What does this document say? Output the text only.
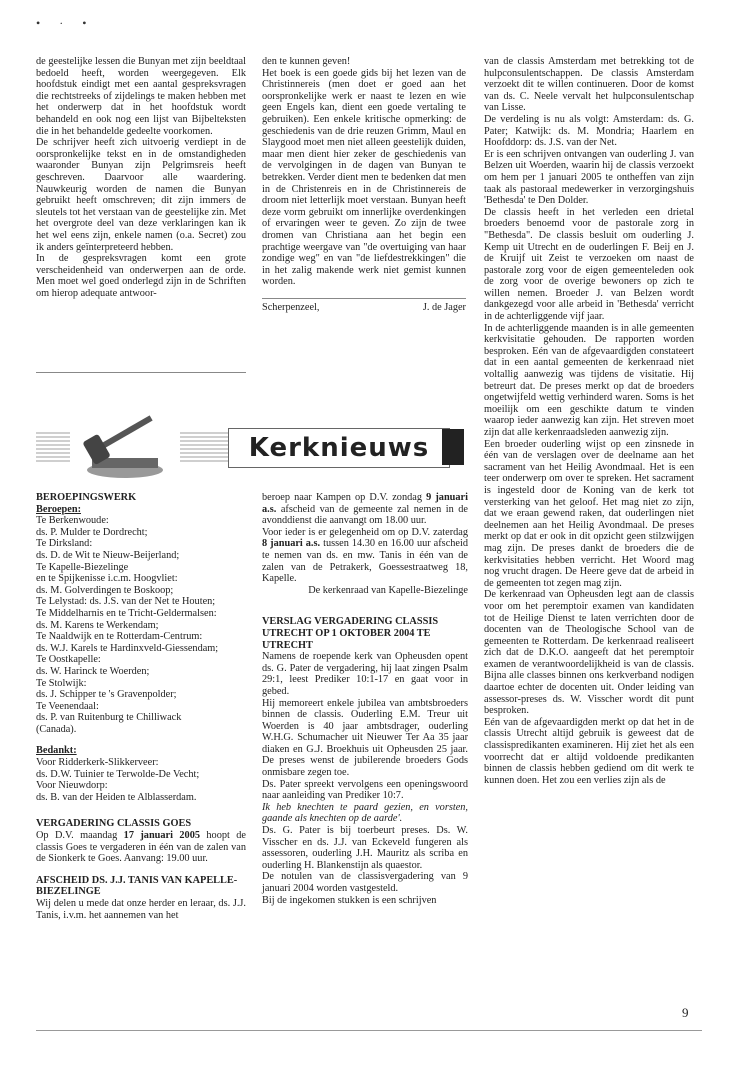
• · •

de geestelijke lessen die Bunyan met zijn beeldtaal bedoeld heeft, worden weergegeven. Elk hoofdstuk eindigt met een aantal gespreksvragen die rechtstreeks of zijdelings te maken hebben met het onderwerp dat in het hoofdstuk wordt behandeld en ook nog een lijst van Bijbelteksten die in het behandelde gedeelte voorkomen.

De schrijver heeft zich uitvoerig verdiept in de oorspronkelijke tekst en in de omstandigheden waaronder Bunyan zijn Pelgrimsreis heeft geschreven. Daarvoor alle waardering. Nauwkeurig worden de namen die Bunyan gebruikt heeft omschreven; dit zijn immers de sleutels tot het verstaan van de geestelijke zin. Met het overgrote deel van deze verklaringen kan ik het wel eens zijn, enkele namen (o.a. Secret) zou ik anders geïnterpreteerd hebben.

In de gespreksvragen komt een grote verscheidenheid van onderwerpen aan de orde. Men moet wel goed onderlegd zijn in de Schriften om hierop adequate antwoor-

den te kunnen geven!

Het boek is een goede gids bij het lezen van de Christinnereis (men doet er goed aan het oorspronkelijke werk er naast te lezen en wie geen Engels kan, dient een goede vertaling te gebruiken). Een enkele kritische opmerking: de geschiedenis van de drie reuzen Grimm, Maul en Slaygood moet men niet alleen geestelijk duiden, maar men dient hier zeker de geschiedenis van de vervolgingen in de dagen van Bunyan te betrekken. Verder dient men te bedenken dat men in de Christenreis en in de Christinnereis de droom niet letterlijk moet verstaan. Bunyan heeft deze vorm gebruikt om innerlijke overdenkingen of ervaringen weer te geven. Zo zijn de twee dromen van Christiana aan het begin een prachtige weergave van "de overtuiging van haar zondige weg" en van "de liefdestrekkingen" die in het zalig makende werk niet gemist kunnen worden.

Scherpenzeel,	J. de Jager
Kerknieuws

BEROEPINGSWERK

Beroepen:

Te Berkenwoude:

ds. P. Mulder te Dordrecht;

Te Dirksland:

ds. D. de Wit te Nieuw-Beijerland;

Te Kapelle-Biezelinge

en te Spijkenisse i.c.m. Hoogvliet:

ds. M. Golverdingen te Boskoop;

Te Lelystad: ds. J.S. van der Net te Houten;

Te Middelharnis en te Tricht-Geldermalsen:

ds. M. Karens te Werkendam;

Te Naaldwijk en te Rotterdam-Centrum:

ds. W.J. Karels te Hardinxveld-Giessendam;

Te Oostkapelle:

ds. W. Harinck te Woerden;

Te Stolwijk:

ds. J. Schipper te 's Gravenpolder;

Te Veenendaal:

ds. P. van Ruitenburg te Chilliwack

(Canada).

Bedankt:

Voor Ridderkerk-Slikkerveer:

ds. D.W. Tuinier te Terwolde-De Vecht;

Voor Nieuwdorp:

ds. B. van der Heiden te Alblasserdam.

VERGADERING CLASSIS GOES

Op D.V. maandag 17 januari 2005 hoopt de classis Goes te vergaderen in één van de zalen van de Sionkerk te Goes. Aanvang: 19.00 uur.

AFSCHEID DS. J.J. TANIS VAN KAPELLE-BIEZELINGE

Wij delen u mede dat onze herder en leraar, ds. J.J. Tanis, i.v.m. het aannemen van het

beroep naar Kampen op D.V. zondag 9 januari a.s. afscheid van de gemeente zal nemen in de avonddienst die aanvangt om 18.00 uur.

Voor ieder is er gelegenheid om op D.V. zaterdag 8 januari a.s. tussen 14.30 en 16.00 uur afscheid te nemen van ds. en mw. Tanis in één van de zalen van de Petrakerk, Goessestraatweg 18, Kapelle.

De kerkenraad van Kapelle-Biezelinge

VERSLAG VERGADERING CLASSIS UTRECHT OP 1 OKTOBER 2004 TE UTRECHT

Namens de roepende kerk van Opheusden opent ds. G. Pater de vergadering, hij laat zingen Psalm 29:1, leest Prediker 10:1-17 en gaat voor in gebed.

Hij memoreert enkele jubilea van ambtsbroeders binnen de classis. Ouderling E.M. Treur uit Woerden is 40 jaar ambtsdrager, ouderling W.H.G. Schumacher uit Nieuwer Ter Aa 35 jaar diaken en G.J. Broekhuis uit Opheusden 25 jaar. De preses wenst de jubilerende broeders Gods onmisbare zegen toe.

Ds. Pater spreekt vervolgens een openingswoord naar aanleiding van Prediker 10:7.

Ik heb knechten te paard gezien, en vorsten, gaande als knechten op de aarde'.

Ds. G. Pater is bij toerbeurt preses. Ds. W. Visscher en ds. J.J. van Eckeveld fungeren als assessoren, ouderling J.H. Mauritz als scriba en ouderling H. Blankenstijn als quaestor.

De notulen van de classisvergadering van 9 januari 2004 worden vastgesteld.

Bij de ingekomen stukken is een schrijven

van de classis Amsterdam met betrekking tot de hulpconsulentschappen. De classis Amsterdam verzoekt dit te willen continueren. Door de komst van ds. C. Neele vervalt het hulpconsulentschap van Lisse.

De verdeling is nu als volgt: Amsterdam: ds. G. Pater; Katwijk: ds. M. Mondria; Haarlem en Hoofddorp: ds. J.S. van der Net.

Er is een schrijven ontvangen van ouderling J. van Belzen uit Woerden, waarin hij de classis verzoekt om hem per 1 januari 2005 te ontheffen van zijn taak als pastoraal medewerker in verzorgingshuis 'Bethesda' te Den Dolder.

De classis heeft in het verleden een drietal broeders benoemd voor de pastorale zorg in "Bethesda". De classis besluit om ouderling J. Kemp uit Utrecht en de ouderlingen F. Beij en J. de Kruijf uit Zeist te verzoeken om naast de pastorale zorg voor de eigen gemeenteleden ook de zorg voor de overige bewoners op zich te willen nemen. Broeder J. van Belzen wordt dankgezegd voor alle arbeid in 'Bethesda' verricht in de achterliggende vijf jaar.

In de achterliggende maanden is in alle gemeenten kerkvisitatie gehouden. De rapporten worden besproken. Eén van de afgevaardigden constateert dat in een aantal gemeenten de kerkenraad niet voltallig aanwezig was tijdens de visitatie. Hij betreurt dat. De preses merkt op dat de broeders ongetwijfeld wettig verhinderd waren. Soms is het moeilijk om een geschikte datum te vinden waarop ieder aanwezig kan zijn. Het streven moet zijn dat alle kerkenraadsleden aanwezig zijn.

Een broeder ouderling wijst op een zinsnede in één van de verslagen over de deelname aan het sacrament van het Heilig Avondmaal. Het is een teer onderwerp om over te spreken. Het sacrament is ingesteld door de Koning van de kerk tot versterking van het geloof. Het mag niet zo zijn, dat we eraan gewend raken, dat ouderlingen niet deelnemen aan het Heilig Avondmaal. De preses merkt op dat er ook in dit opzicht geen stilzwijgen mag zijn. De preses dankt de broeders die de kerkvisitaties hebben verricht. Het Woord mag nog vrucht dragen. De Heere geve dat de arbeid in de gemeenten tot zegen mag zijn.

De kerkenraad van Opheusden legt aan de classis voor om het peremptoir examen van kandidaten tot de Heilige Dienst te laten verrichten door de docenten van de Theologische School van de gemeenten te Rotterdam. De kerkenraad realiseert zich dat de D.K.O. aangeeft dat het peremptoir examen de verantwoordelijkheid is van de classis. Bijna alle classes binnen ons kerkverband nodigen daartoe echter de docenten uit. Onder leiding van assessor-preses ds. W. Visscher wordt dit punt besproken.

Eén van de afgevaardigden merkt op dat het in de classis Utrecht altijd gebruik is geweest dat de classispredikanten examineren. Hij ziet het als een voorrecht dat er altijd voldoende predikanten binnen de classis hebben gediend om dit werk te kunnen doen. Het zou een verlies zijn als de

9
